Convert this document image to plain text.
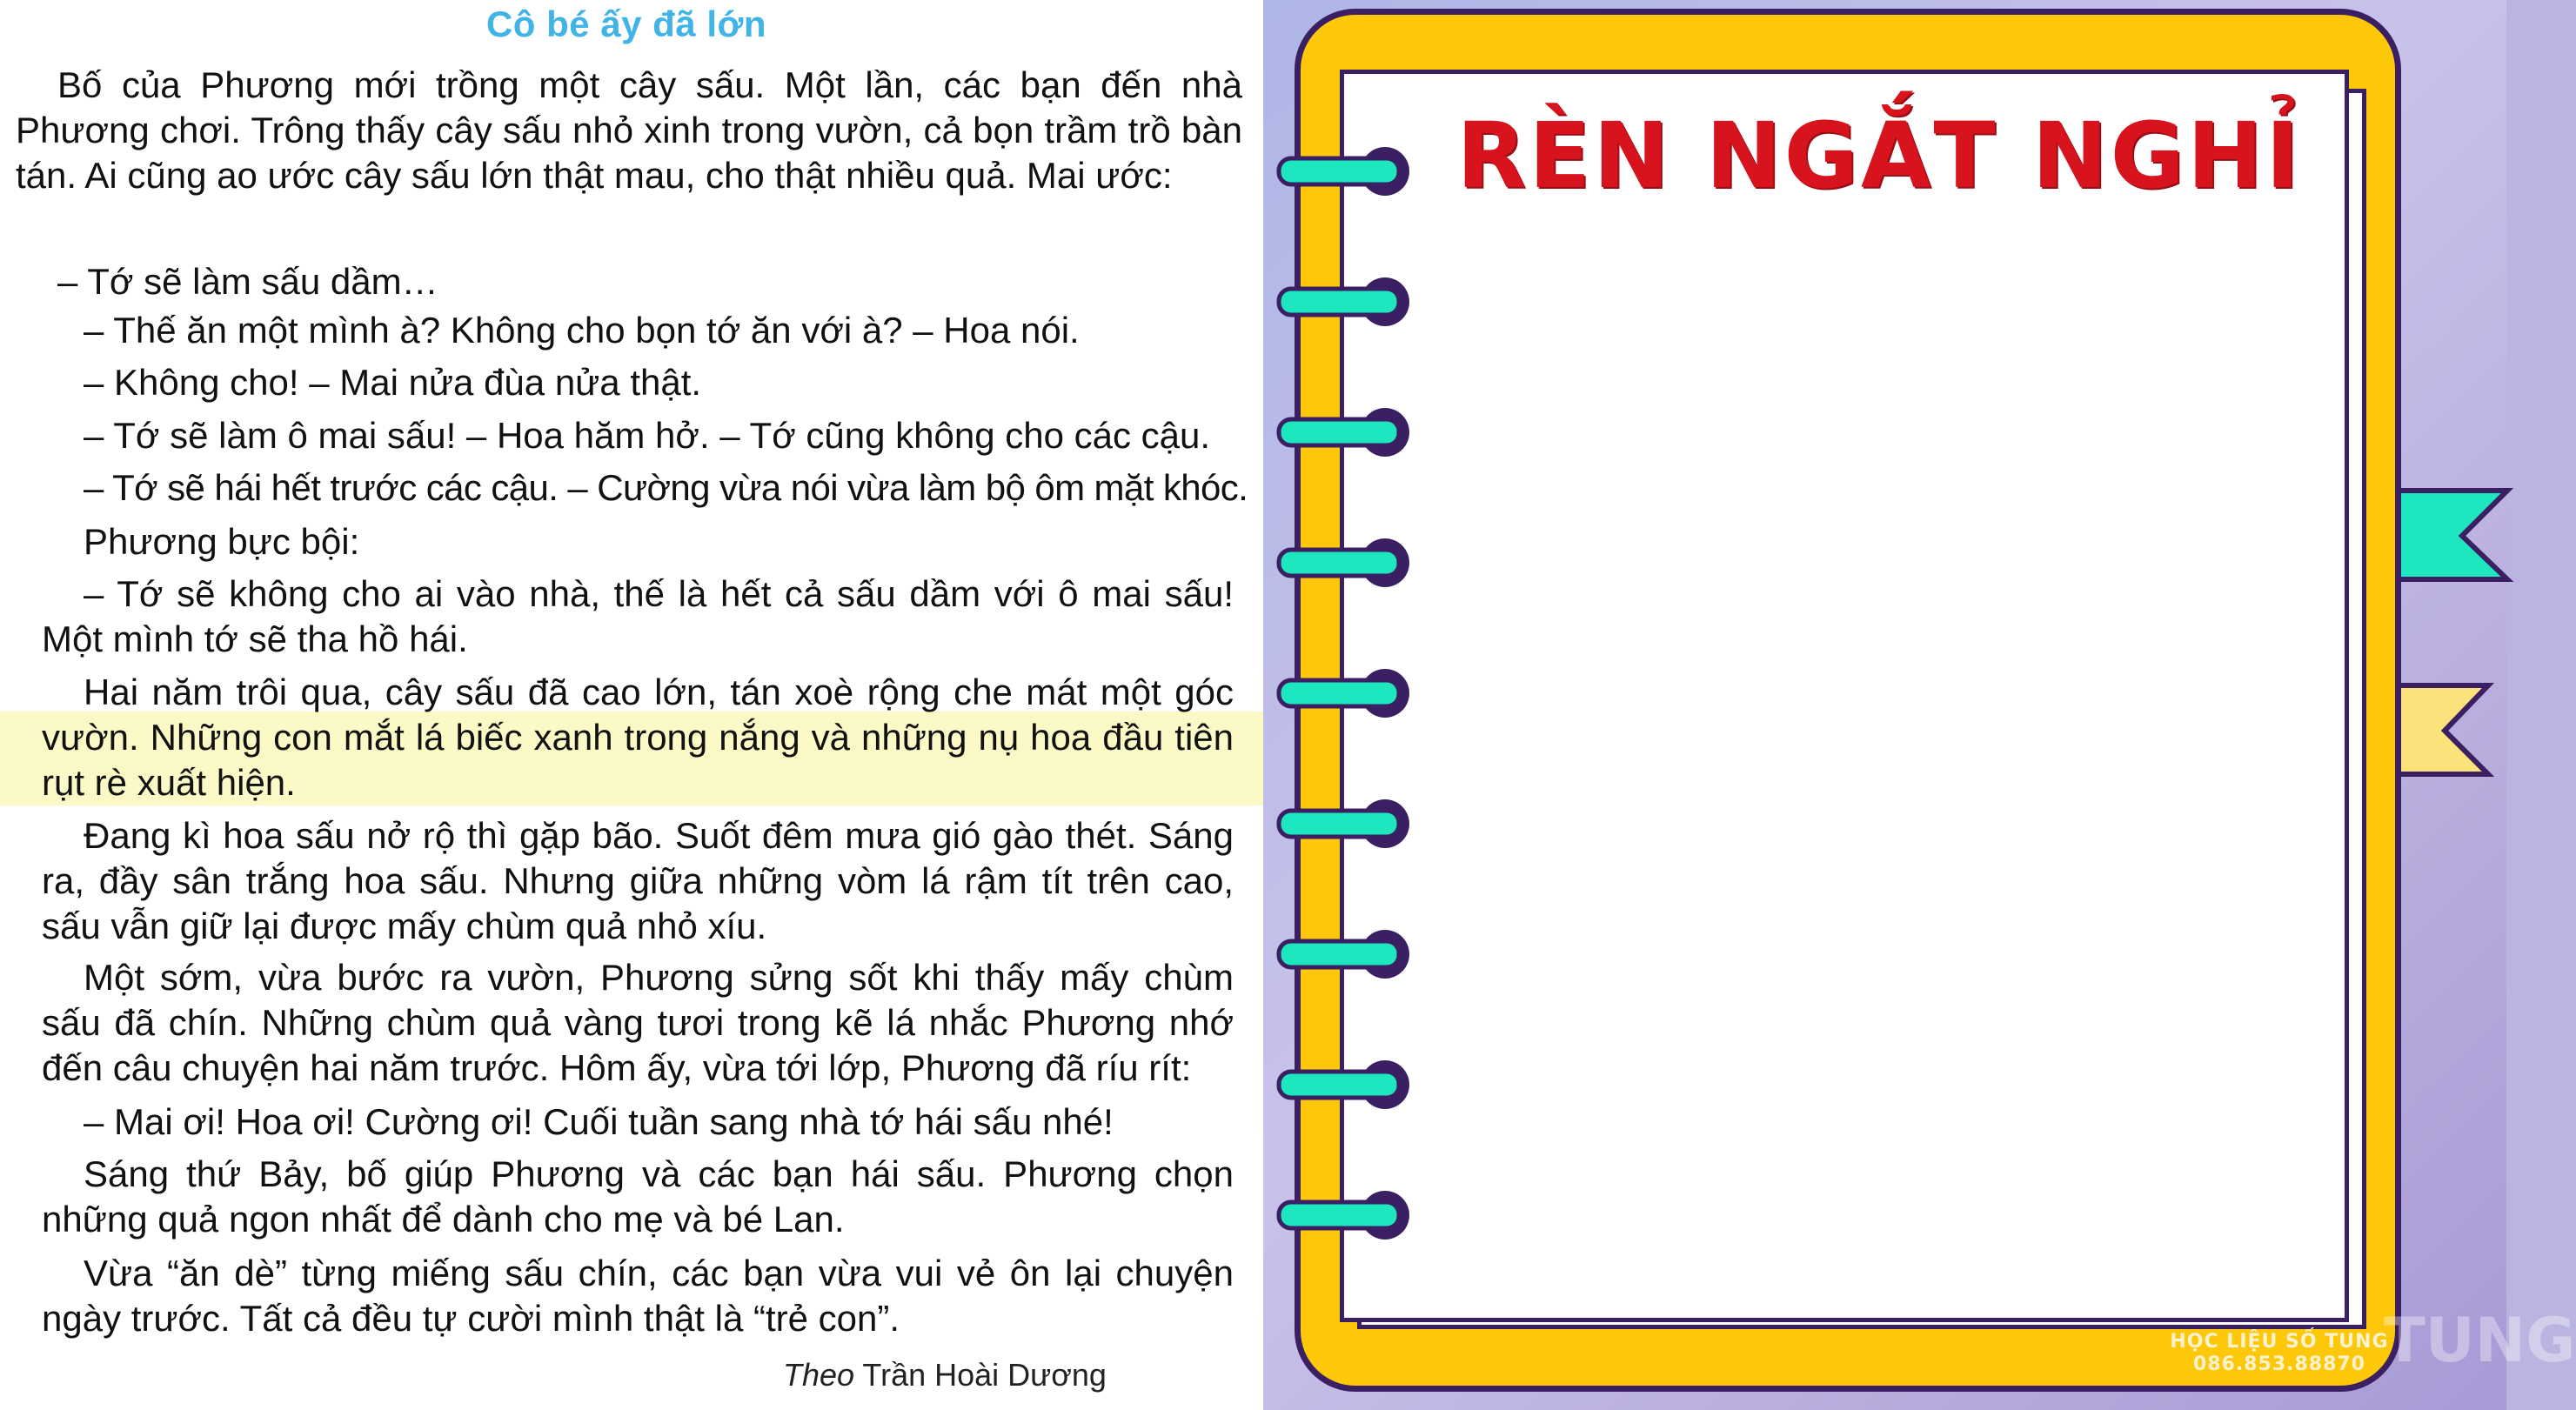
Cô bé ấy đã lớn

Bố của Phương mới trồng một cây sấu. Một lần, các bạn đến nhà Phương chơi. Trông thấy cây sấu nhỏ xinh trong vườn, cả bọn trầm trồ bàn tán. Ai cũng ao ước cây sấu lớn thật mau, cho thật nhiều quả. Mai ước:

– Tớ sẽ làm sấu dầm…

– Thế ăn một mình à? Không cho bọn tớ ăn với à? – Hoa nói.

– Không cho! – Mai nửa đùa nửa thật.

– Tớ sẽ làm ô mai sấu! – Hoa hăm hở. – Tớ cũng không cho các cậu.

– Tớ sẽ hái hết trước các cậu. – Cường vừa nói vừa làm bộ ôm mặt khóc.

Phương bực bội:

– Tớ sẽ không cho ai vào nhà, thế là hết cả sấu dầm với ô mai sấu! Một mình tớ sẽ tha hồ hái.

Hai năm trôi qua, cây sấu đã cao lớn, tán xoè rộng che mát một góc vườn. Những con mắt lá biếc xanh trong nắng và những nụ hoa đầu tiên rụt rè xuất hiện.

Đang kì hoa sấu nở rộ thì gặp bão. Suốt đêm mưa gió gào thét. Sáng ra, đầy sân trắng hoa sấu. Nhưng giữa những vòm lá rậm tít trên cao, sấu vẫn giữ lại được mấy chùm quả nhỏ xíu.

Một sớm, vừa bước ra vườn, Phương sửng sốt khi thấy mấy chùm sấu đã chín. Những chùm quả vàng tươi trong kẽ lá nhắc Phương nhớ đến câu chuyện hai năm trước. Hôm ấy, vừa tới lớp, Phương đã ríu rít:

– Mai ơi! Hoa ơi! Cường ơi! Cuối tuần sang nhà tớ hái sấu nhé!

Sáng thứ Bảy, bố giúp Phương và các bạn hái sấu. Phương chọn những quả ngon nhất để dành cho mẹ và bé Lan.

Vừa “ăn dè” từng miếng sấu chín, các bạn vừa vui vẻ ôn lại chuyện ngày trước. Tất cả đều tự cười mình thật là “trẻ con”.

Theo Trần Hoài Dương
RÈN NGẮT NGHỈ
TUNG
HỌC LIỆU SỐ TUNG
086.853.88870
